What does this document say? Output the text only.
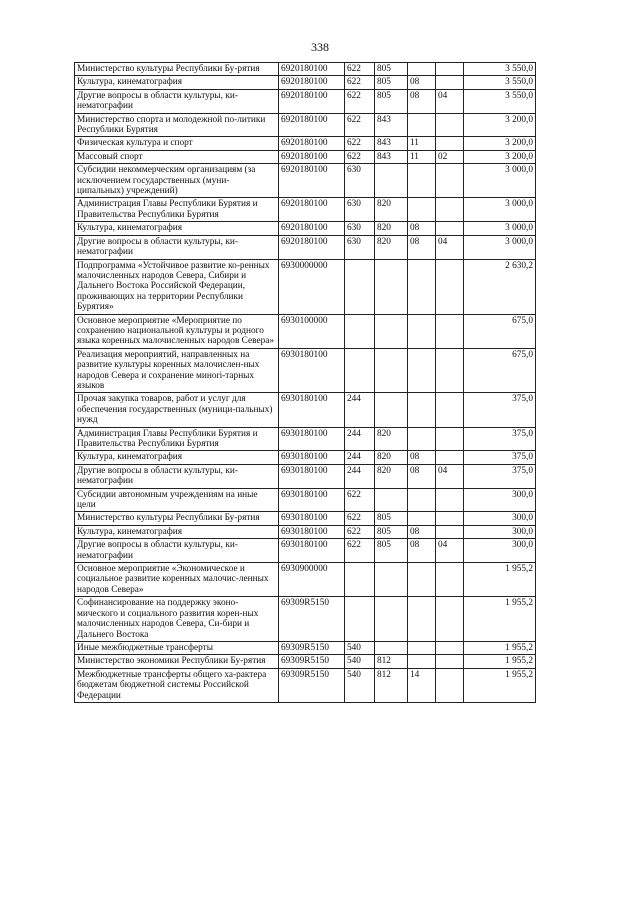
338
Министерство культуры Республики Бу-рятия	6920180100	622	805			3 550,0
Культура, кинематография	6920180100	622	805	08		3 550,0
Другие вопросы в области культуры, ки-нематографии	6920180100	622	805	08	04	3 550,0
Министерство спорта и молодежной по-литики Республики Бурятия	6920180100	622	843			3 200,0
Физическая культура и спорт	6920180100	622	843	11		3 200,0
Массовый спорт	6920180100	622	843	11	02	3 200,0
Субсидии некоммерческим организациям (за исключением государственных (муни-ципальных) учреждений)	6920180100	630				3 000,0
Администрация Главы Республики Бурятия и Правительства Республики Бурятия	6920180100	630	820			3 000,0
Культура, кинематография	6920180100	630	820	08		3 000,0
Другие вопросы в области культуры, ки-нематографии	6920180100	630	820	08	04	3 000,0
Подпрограмма «Устойчивое развитие ко-ренных малочисленных народов Севера, Сибири и Дальнего Востока Российской Федерации, проживающих на территории Республики Бурятия»	6930000000					2 630,2
Основное мероприятие «Мероприятие по сохранению национальной культуры и родного языка коренных малочисленных народов Севера»	6930100000					675,0
Реализация мероприятий, направленных на развитие культуры коренных малочислен-ных народов Севера и сохранение миноri-тарных языков	6930180100					675,0
Прочая закупка товаров, работ и услуг для обеспечения государственных (муници-пальных) нужд	6930180100	244				375,0
Администрация Главы Республики Бурятия и Правительства Республики Бурятия	6930180100	244	820			375,0
Культура, кинематография	6930180100	244	820	08		375,0
Другие вопросы в области культуры, ки-нематографии	6930180100	244	820	08	04	375,0
Субсидии автономным учреждениям на иные цели	6930180100	622				300,0
Министерство культуры Республики Бу-рятия	6930180100	622	805			300,0
Культура, кинематография	6930180100	622	805	08		300,0
Другие вопросы в области культуры, ки-нематографии	6930180100	622	805	08	04	300,0
Основное мероприятие «Экономическое и социальное развитие коренных малочис-ленных народов Севера»	6930900000					1 955,2
Софинансирование на поддержку эконо-мического и социального развития корен-ных малочисленных народов Севера, Си-бири и Дальнего Востока	69309R5150					1 955,2
Иные межбюджетные трансферты	69309R5150	540				1 955,2
Министерство экономики Республики Бу-рятия	69309R5150	540	812			1 955,2
Межбюджетные трансферты общего ха-рактера бюджетам бюджетной системы Российской Федерации	69309R5150	540	812	14		1 955,2
